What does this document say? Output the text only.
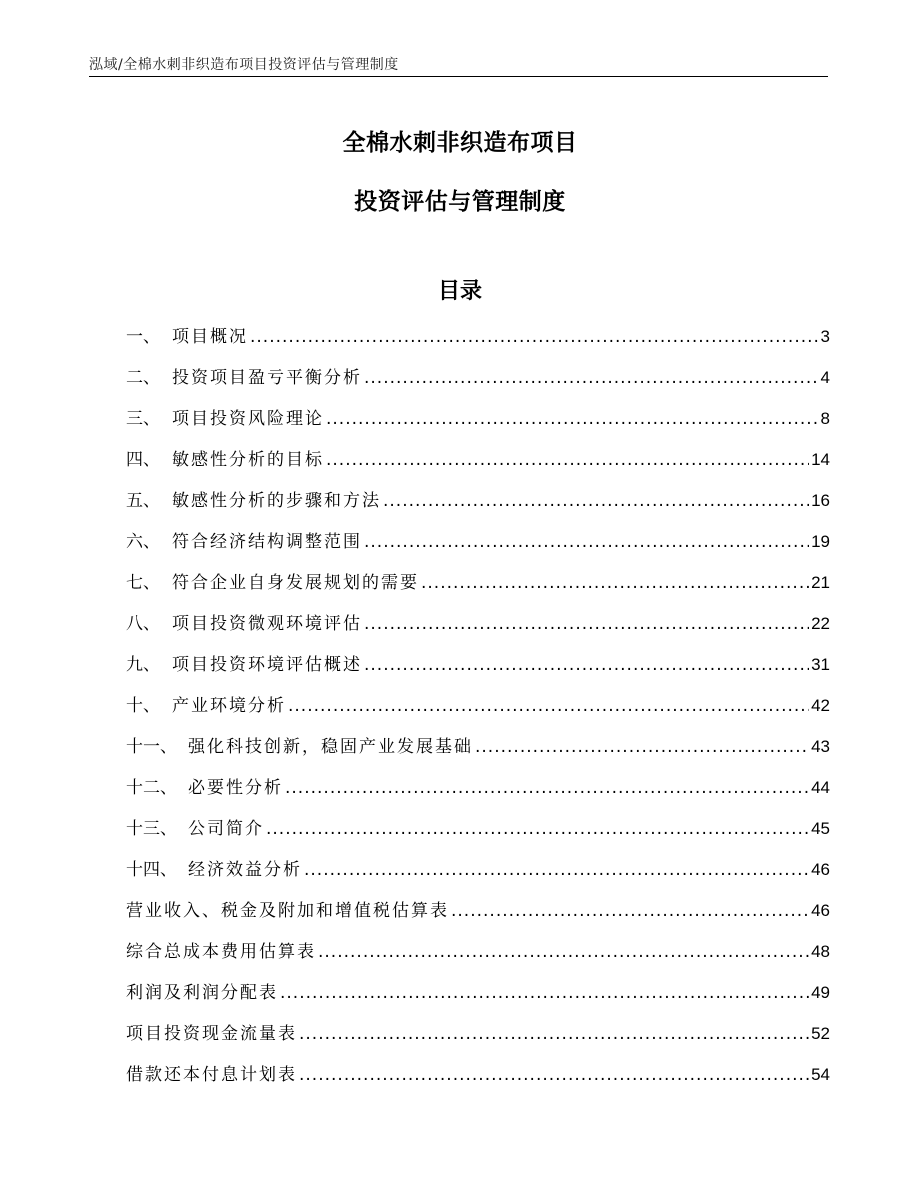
泓域/全棉水刺非织造布项目投资评估与管理制度
全棉水刺非织造布项目
投资评估与管理制度
目录
一、 项目概况 .....	3
二、 投资项目盈亏平衡分析 .....	4
三、 项目投资风险理论 .....	8
四、 敏感性分析的目标 .....	14
五、 敏感性分析的步骤和方法 .....	16
六、 符合经济结构调整范围 .....	19
七、 符合企业自身发展规划的需要 .....	21
八、 项目投资微观环境评估 .....	22
九、 项目投资环境评估概述 .....	31
十、 产业环境分析 .....	42
十一、 强化科技创新，稳固产业发展基础 .....	43
十二、 必要性分析 .....	44
十三、 公司简介 .....	45
十四、 经济效益分析 .....	46
营业收入、税金及附加和增值税估算表 .....	46
综合总成本费用估算表 .....	48
利润及利润分配表 .....	49
项目投资现金流量表 .....	52
借款还本付息计划表 .....	54
